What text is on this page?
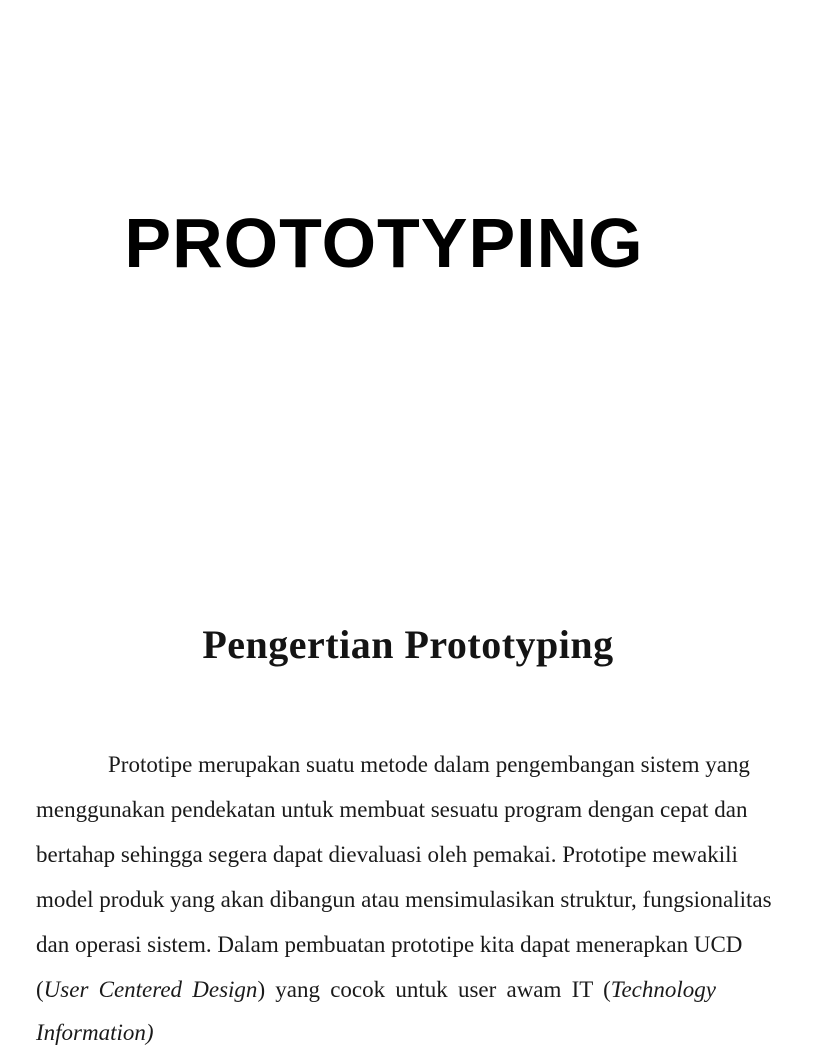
PROTOTYPING
Pengertian Prototyping
Prototipe merupakan suatu metode dalam pengembangan sistem yang
menggunakan pendekatan untuk membuat sesuatu program dengan cepat dan
bertahap sehingga segera dapat dievaluasi oleh pemakai. Prototipe mewakili
model produk yang akan dibangun atau mensimulasikan struktur, fungsionalitas
dan operasi sistem. Dalam pembuatan prototipe kita dapat menerapkan UCD
(User Centered Design) yang cocok untuk user awam IT (Technology
Information)
